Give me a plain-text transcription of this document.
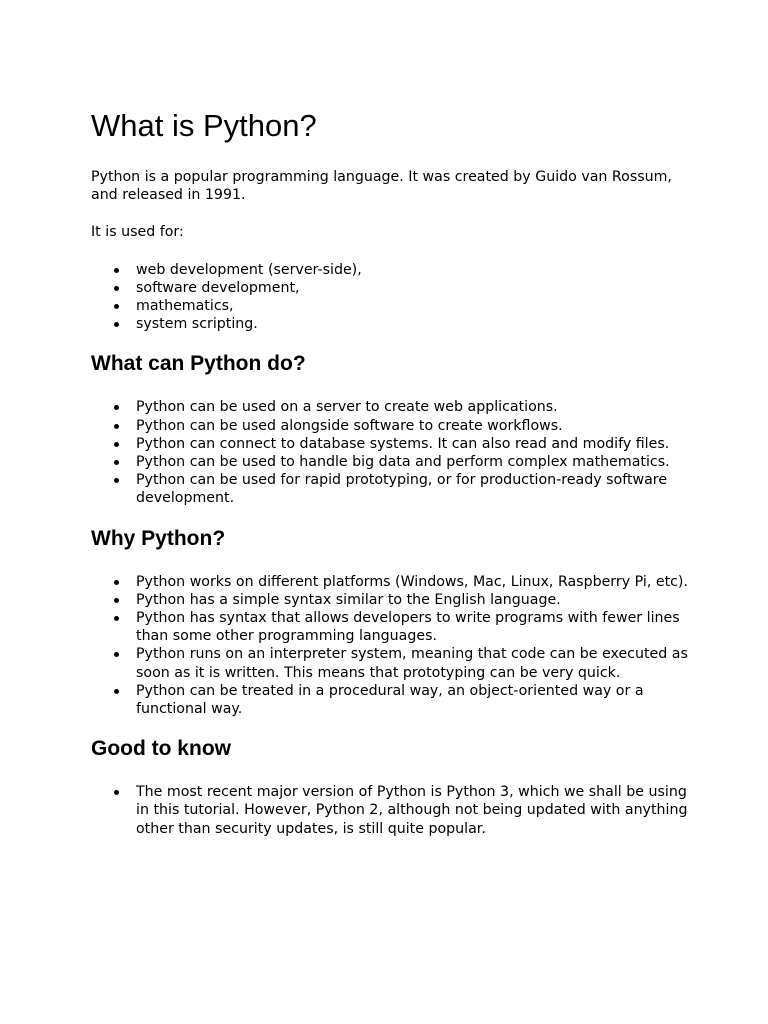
What is Python?

Python is a popular programming language. It was created by Guido van Rossum, and released in 1991.

It is used for:

web development (server-side),
software development,
mathematics,
system scripting.
What can Python do?
Python can be used on a server to create web applications.
Python can be used alongside software to create workflows.
Python can connect to database systems. It can also read and modify files.
Python can be used to handle big data and perform complex mathematics.
Python can be used for rapid prototyping, or for production-ready software development.
Why Python?
Python works on different platforms (Windows, Mac, Linux, Raspberry Pi, etc).
Python has a simple syntax similar to the English language.
Python has syntax that allows developers to write programs with fewer lines than some other programming languages.
Python runs on an interpreter system, meaning that code can be executed as soon as it is written. This means that prototyping can be very quick.
Python can be treated in a procedural way, an object-oriented way or a functional way.
Good to know
The most recent major version of Python is Python 3, which we shall be using in this tutorial. However, Python 2, although not being updated with anything other than security updates, is still quite popular.
